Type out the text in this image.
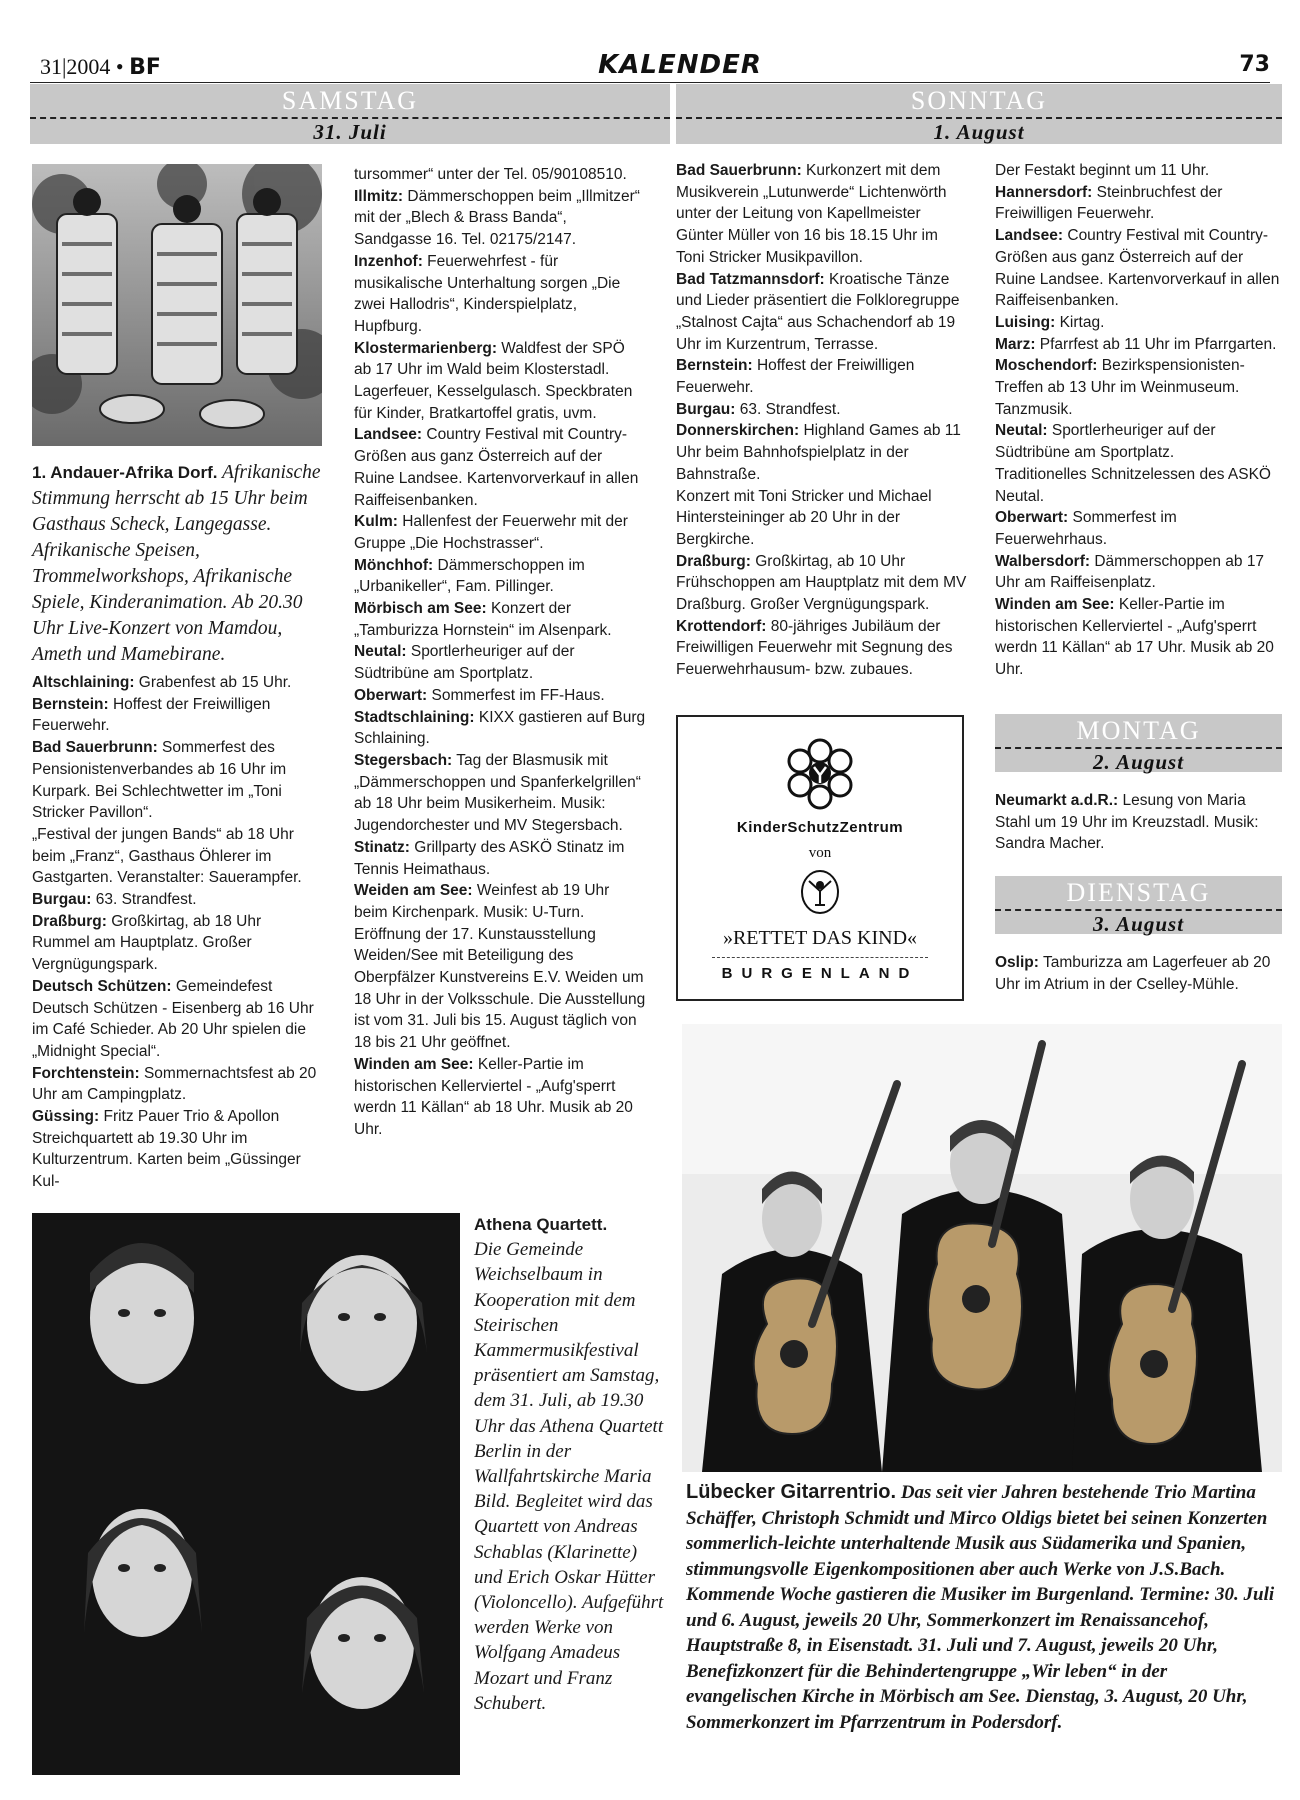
31|2004 • BF	KALENDER	73
SAMSTAG
31. Juli
SONNTAG
1. August
MONTAG
2. August
DIENSTAG
3. August
1. Andauer-Afrika Dorf. Afrikanische Stimmung herrscht ab 15 Uhr beim Gasthaus Scheck, Langegasse. Afrikanische Speisen, Trommelworkshops, Afrikanische Spiele, Kinderanimation. Ab 20.30 Uhr Live-Konzert von Mamdou, Ameth und Mamebirane.

Altschlaining: Grabenfest ab 15 Uhr.

Bernstein: Hoffest der Freiwilligen Feuerwehr.

Bad Sauerbrunn: Sommerfest des Pensionistenverbandes ab 16 Uhr im Kurpark. Bei Schlechtwetter im „Toni Stricker Pavillon“.

„Festival der jungen Bands“ ab 18 Uhr beim „Franz“, Gasthaus Öhlerer im Gastgarten. Veranstalter: Sauerampfer.

Burgau: 63. Strandfest.

Draßburg: Großkirtag, ab 18 Uhr Rummel am Hauptplatz. Großer Vergnügungspark.

Deutsch Schützen: Gemeindefest Deutsch Schützen - Eisenberg ab 16 Uhr im Café Schieder. Ab 20 Uhr spielen die „Midnight Special“.

Forchtenstein: Sommernachtsfest ab 20 Uhr am Campingplatz.

Güssing: Fritz Pauer Trio & Apollon Streichquartett ab 19.30 Uhr im Kulturzentrum. Karten beim „Güssinger Kul-

tursommer“ unter der Tel. 05/90108510.

Illmitz: Dämmerschoppen beim „Illmitzer“ mit der „Blech & Brass Banda“, Sandgasse 16. Tel. 02175/2147.

Inzenhof: Feuerwehrfest - für musikalische Unterhaltung sorgen „Die zwei Hallodris“, Kinderspielplatz, Hupfburg.

Klostermarienberg: Waldfest der SPÖ ab 17 Uhr im Wald beim Klosterstadl. Lagerfeuer, Kesselgulasch. Speckbraten für Kinder, Bratkartoffel gratis, uvm.

Landsee: Country Festival mit Country-Größen aus ganz Österreich auf der Ruine Landsee. Kartenvorverkauf in allen Raiffeisenbanken.

Kulm: Hallenfest der Feuerwehr mit der Gruppe „Die Hochstrasser“.

Mönchhof: Dämmerschoppen im „Urbanikeller“, Fam. Pillinger.

Mörbisch am See: Konzert der „Tamburizza Hornstein“ im Alsenpark.

Neutal: Sportlerheuriger auf der Südtribüne am Sportplatz.

Oberwart: Sommerfest im FF-Haus.

Stadtschlaining: KIXX gastieren auf Burg Schlaining.

Stegersbach: Tag der Blasmusik mit „Dämmerschoppen und Spanferkelgrillen“ ab 18 Uhr beim Musikerheim. Musik: Jugendorchester und MV Stegersbach.

Stinatz: Grillparty des ASKÖ Stinatz im Tennis Heimathaus.

Weiden am See: Weinfest ab 19 Uhr beim Kirchenpark. Musik: U-Turn. Eröffnung der 17. Kunstausstellung Weiden/See mit Beteiligung des Oberpfälzer Kunstvereins E.V. Weiden um 18 Uhr in der Volksschule. Die Ausstellung ist vom 31. Juli bis 15. August täglich von 18 bis 21 Uhr geöffnet.

Winden am See: Keller-Partie im historischen Kellerviertel - „Aufg'sperrt werdn 11 Källan“ ab 18 Uhr. Musik ab 20 Uhr.

Bad Sauerbrunn: Kurkonzert mit dem Musikverein „Lutunwerde“ Lichtenwörth unter der Leitung von Kapellmeister Günter Müller von 16 bis 18.15 Uhr im Toni Stricker Musikpavillon.

Bad Tatzmannsdorf: Kroatische Tänze und Lieder präsentiert die Folkloregruppe „Stalnost Cajta“ aus Schachendorf ab 19 Uhr im Kurzentrum, Terrasse.

Bernstein: Hoffest der Freiwilligen Feuerwehr.

Burgau: 63. Strandfest.

Donnerskirchen: Highland Games ab 11 Uhr beim Bahnhofspielplatz in der Bahnstraße.

Konzert mit Toni Stricker und Michael Hintersteininger ab 20 Uhr in der Bergkirche.

Draßburg: Großkirtag, ab 10 Uhr Frühschoppen am Hauptplatz mit dem MV Draßburg. Großer Vergnügungspark.

Krottendorf: 80-jähriges Jubiläum der Freiwilligen Feuerwehr mit Segnung des Feuerwehrhausum- bzw. zubaues.

Der Festakt beginnt um 11 Uhr.

Hannersdorf: Steinbruchfest der Freiwilligen Feuerwehr.

Landsee: Country Festival mit Country-Größen aus ganz Österreich auf der Ruine Landsee. Kartenvorverkauf in allen Raiffeisenbanken.

Luising: Kirtag.

Marz: Pfarrfest ab 11 Uhr im Pfarrgarten.

Moschendorf: Bezirkspensionisten-Treffen ab 13 Uhr im Weinmuseum. Tanzmusik.

Neutal: Sportlerheuriger auf der Südtribüne am Sportplatz.

Traditionelles Schnitzelessen des ASKÖ Neutal.

Oberwart: Sommerfest im Feuerwehrhaus.

Walbersdorf: Dämmerschoppen ab 17 Uhr am Raiffeisenplatz.

Winden am See: Keller-Partie im historischen Kellerviertel - „Aufg'sperrt werdn 11 Källan“ ab 17 Uhr. Musik ab 20 Uhr.

Neumarkt a.d.R.: Lesung von Maria Stahl um 19 Uhr im Kreuzstadl. Musik: Sandra Macher.

Oslip: Tamburizza am Lagerfeuer ab 20 Uhr im Atrium in der Cselley-Mühle.

KinderSchutzZentrum
von
»RETTET DAS KIND«
BURGENLAND
Athena Quartett.
Die Gemeinde Weichselbaum in Kooperation mit dem Steirischen Kammermusikfestival präsentiert am Samstag, dem 31. Juli, ab 19.30 Uhr das Athena Quartett Berlin in der Wallfahrtskirche Maria Bild. Begleitet wird das Quartett von Andreas Schablas (Klarinette) und Erich Oskar Hütter (Violoncello). Aufgeführt werden Werke von Wolfgang Amadeus Mozart und Franz Schubert.
Lübecker Gitarrentrio. Das seit vier Jahren bestehende Trio Martina Schäffer, Christoph Schmidt und Mirco Oldigs bietet bei seinen Konzerten sommerlich-leichte unterhaltende Musik aus Südamerika und Spanien, stimmungsvolle Eigenkompositionen aber auch Werke von J.S.Bach. Kommende Woche gastieren die Musiker im Burgenland. Termine: 30. Juli und 6. August, jeweils 20 Uhr, Sommerkonzert im Renaissancehof, Hauptstraße 8, in Eisenstadt. 31. Juli und 7. August, jeweils 20 Uhr, Benefizkonzert für die Behindertengruppe „Wir leben“ in der evangelischen Kirche in Mörbisch am See. Dienstag, 3. August, 20 Uhr, Sommerkonzert im Pfarrzentrum in Podersdorf.
